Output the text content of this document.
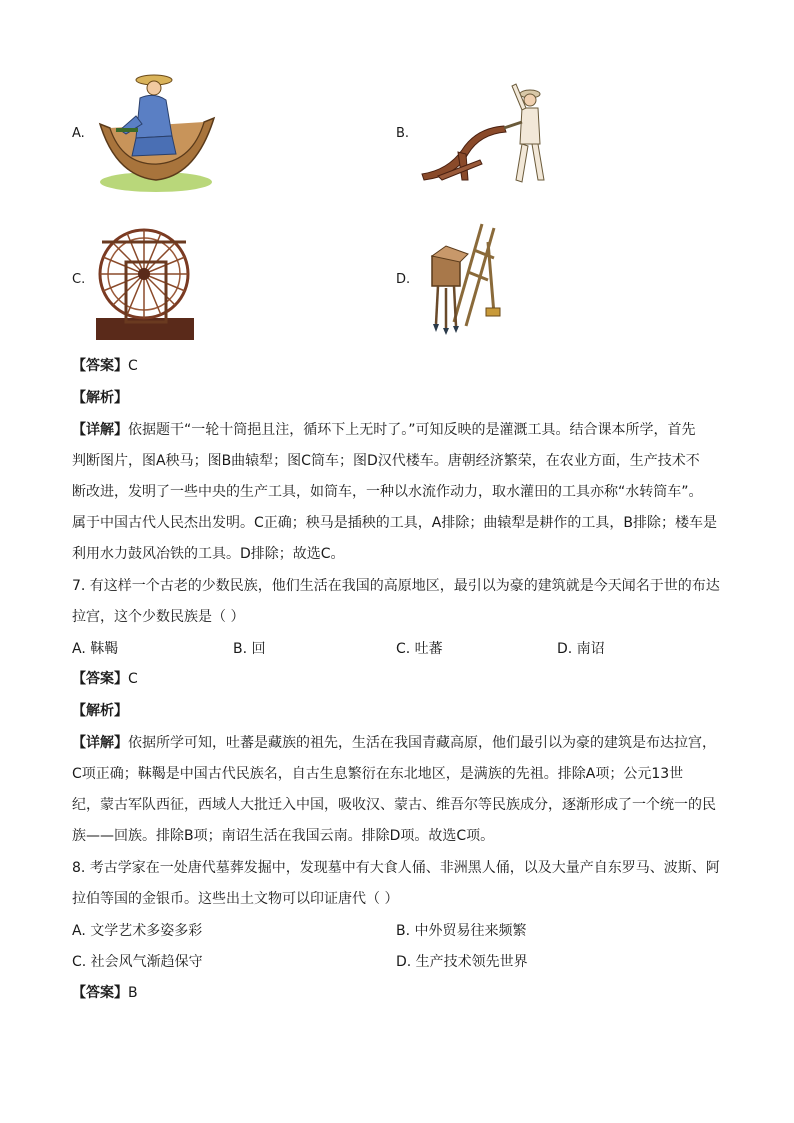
A.	B.
C.	D.
【答案】C
【解析】
【详解】依据题干“一轮十筒挹且注，循环下上无时了。”可知反映的是灌溉工具。结合课本所学，首先
判断图片，图A秧马；图B曲辕犁；图C筒车；图D汉代楼车。唐朝经济繁荣，在农业方面，生产技术不
断改进，发明了一些中央的生产工具，如筒车，一种以水流作动力，取水灌田的工具亦称“水转筒车”。
属于中国古代人民杰出发明。C正确；秧马是插秧的工具，A排除；曲辕犁是耕作的工具，B排除；楼车是
利用水力鼓风冶铁的工具。D排除；故选C。
7. 有这样一个古老的少数民族，他们生活在我国的高原地区，最引以为豪的建筑就是今天闻名于世的布达
拉宫，这个少数民族是（ ）
A. 靺鞨	B. 回	C. 吐蕃	D. 南诏
【答案】C
【解析】
【详解】依据所学可知，吐蕃是藏族的祖先，生活在我国青藏高原，他们最引以为豪的建筑是布达拉宫，
C项正确；靺鞨是中国古代民族名，自古生息繁衍在东北地区，是满族的先祖。排除A项；公元13世
纪，蒙古军队西征，西域人大批迁入中国，吸收汉、蒙古、维吾尔等民族成分，逐渐形成了一个统一的民
族——回族。排除B项；南诏生活在我国云南。排除D项。故选C项。
8. 考古学家在一处唐代墓葬发掘中，发现墓中有大食人俑、非洲黑人俑，以及大量产自东罗马、波斯、阿
拉伯等国的金银币。这些出土文物可以印证唐代（ ）
A. 文学艺术多姿多彩	B. 中外贸易往来频繁
C. 社会风气渐趋保守	D. 生产技术领先世界
【答案】B
